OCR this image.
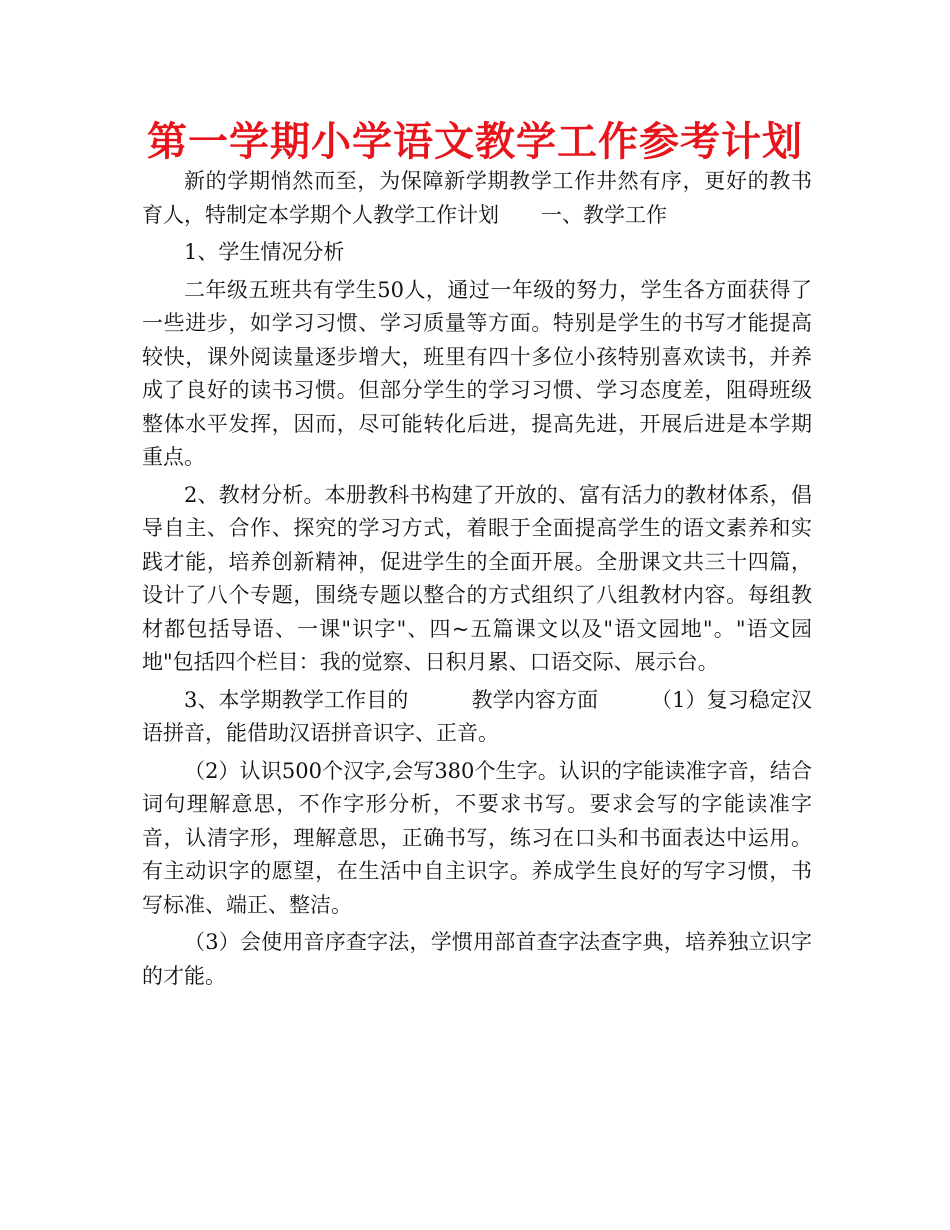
第一学期小学语文教学工作参考计划

新的学期悄然而至，为保障新学期教学工作井然有序，更好的教书育人，特制定本学期个人教学工作计划　　一、教学工作

1、学生情况分析

二年级五班共有学生50人，通过一年级的努力，学生各方面获得了一些进步，如学习习惯、学习质量等方面。特别是学生的书写才能提高较快，课外阅读量逐步增大，班里有四十多位小孩特别喜欢读书，并养成了良好的读书习惯。但部分学生的学习习惯、学习态度差，阻碍班级整体水平发挥，因而，尽可能转化后进，提高先进，开展后进是本学期重点。

2、教材分析。本册教科书构建了开放的、富有活力的教材体系，倡导自主、合作、探究的学习方式，着眼于全面提高学生的语文素养和实践才能，培养创新精神，促进学生的全面开展。全册课文共三十四篇，设计了八个专题，围绕专题以整合的方式组织了八组教材内容。每组教材都包括导语、一课"识字"、四~五篇课文以及"语文园地"。"语文园地"包括四个栏目：我的觉察、日积月累、口语交际、展示台。

3、本学期教学工作目的　　　教学内容方面　　　（1）复习稳定汉语拼音，能借助汉语拼音识字、正音。

（2）认识500个汉字,会写380个生字。认识的字能读准字音，结合词句理解意思，不作字形分析，不要求书写。要求会写的字能读准字音，认清字形，理解意思，正确书写，练习在口头和书面表达中运用。有主动识字的愿望，在生活中自主识字。养成学生良好的写字习惯，书写标准、端正、整洁。

（3）会使用音序查字法，学惯用部首查字法查字典，培养独立识字的才能。
